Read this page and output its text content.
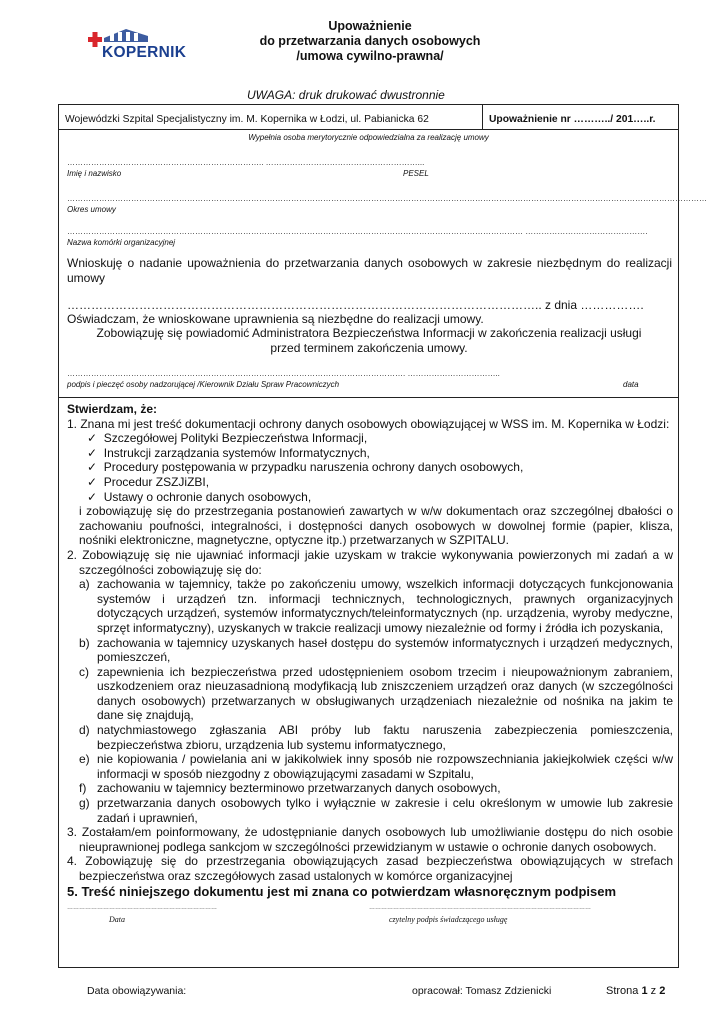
KOPERNIK
Upoważnienie
do przetwarzania danych osobowych
/umowa cywilno-prawna/
UWAGA: druk drukować dwustronnie
Wojewódzki Szpital Specjalistyczny im. M. Kopernika w Łodzi, ul. Pabianicka 62	Upoważnienie nr ………../ 201…..r.
Wypełnia osoba merytorycznie odpowiedzialna za realizację umowy
……………………………………………………………….. …………………………………………………...
Imię i nazwisko	PESEL
……………………………………………………………………………………………………………………………………………………………………………………………………………………
Okres umowy
……………………………………………………………………………………………………………………………………………………… ……………………………………….
Nazwa komórki organizacyjnej
Wnioskuję o nadanie upoważnienia do przetwarzania danych osobowych w zakresie niezbędnym do realizacji umowy
……………………………………………………………………………………………………….. z dnia …………….
Oświadczam, że wnioskowane uprawnienia są niezbędne do realizacji umowy.
Zobowiązuję się powiadomić Administratora Bezpieczeństwa Informacji w zakończenia realizacji usługi przed terminem zakończenia umowy.
………………………………………………………………………………………………………………. ……………………………..
podpis i pieczęć osoby nadzorującej /Kierownik Działu Spraw Pracowniczych	data
Stwierdzam, że:
1. Znana mi jest treść dokumentacji ochrony danych osobowych obowiązującej w WSS im. M. Kopernika w Łodzi:
✓  Szczegółowej Polityki Bezpieczeństwa Informacji,
✓  Instrukcji zarządzania systemów Informatycznych,
✓  Procedury postępowania w przypadku naruszenia ochrony danych osobowych,
✓  Procedur ZSZJiZBI,
✓  Ustawy o ochronie danych osobowych,
i zobowiązuję się do przestrzegania postanowień zawartych w w/w dokumentach oraz szczególnej dbałości o zachowaniu poufności, integralności, i dostępności danych osobowych w dowolnej formie (papier, klisza, nośniki elektroniczne, magnetyczne, optyczne itp.) przetwarzanych w SZPITALU.
2. Zobowiązuję się nie ujawniać informacji jakie uzyskam w trakcie wykonywania powierzonych mi zadań a w szczególności zobowiązuję się do:
a) zachowania w tajemnicy, także po zakończeniu umowy, wszelkich informacji dotyczących funkcjonowania systemów i urządzeń tzn. informacji technicznych, technologicznych, prawnych organizacyjnych dotyczących urządzeń, systemów informatycznych/teleinformatycznych (np. urządzenia, wyroby medyczne, sprzęt informatyczny), uzyskanych w trakcie realizacji umowy niezależnie od formy i źródła ich pozyskania,
b) zachowania w tajemnicy uzyskanych haseł dostępu do systemów informatycznych i urządzeń medycznych, pomieszczeń,
c) zapewnienia ich bezpieczeństwa przed udostępnieniem osobom trzecim i nieupoważnionym zabraniem, uszkodzeniem oraz nieuzasadnioną modyfikacją lub zniszczeniem urządzeń oraz danych (w szczególności danych osobowych) przetwarzanych w obsługiwanych urządzeniach niezależnie od nośnika na jakim te dane się znajdują,
d) natychmiastowego zgłaszania ABI próby lub faktu naruszenia zabezpieczenia pomieszczenia, bezpieczeństwa zbioru, urządzenia lub systemu informatycznego,
e) nie kopiowania / powielania ani w jakikolwiek inny sposób nie rozpowszechniania jakiejkolwiek części w/w informacji w sposób niezgodny z obowiązującymi zasadami w Szpitalu,
f) zachowaniu w tajemnicy bezterminowo przetwarzanych danych osobowych,
g) przetwarzania danych osobowych tylko i wyłącznie w zakresie i celu określonym w umowie lub zakresie zadań i uprawnień,
3. Zostałam/em poinformowany, że udostępnianie danych osobowych lub umożliwianie dostępu do nich osobie nieuprawnionej podlega sankcjom w szczególności przewidzianym w ustawie o ochronie danych osobowych.
4. Zobowiązuję się do przestrzegania obowiązujących zasad bezpieczeństwa obowiązujących w strefach bezpieczeństwa oraz szczegółowych zasad ustalonych w komórce organizacyjnej
5. Treść niniejszego dokumentu jest mi znana co potwierdzam własnoręcznym podpisem
…………………………………………………………………	…………………………………………………………………………………………………
Data	czytelny podpis świadczącego usługę
Data obowiązywania:	opracował: Tomasz Zdzienicki	Strona 1 z 2
